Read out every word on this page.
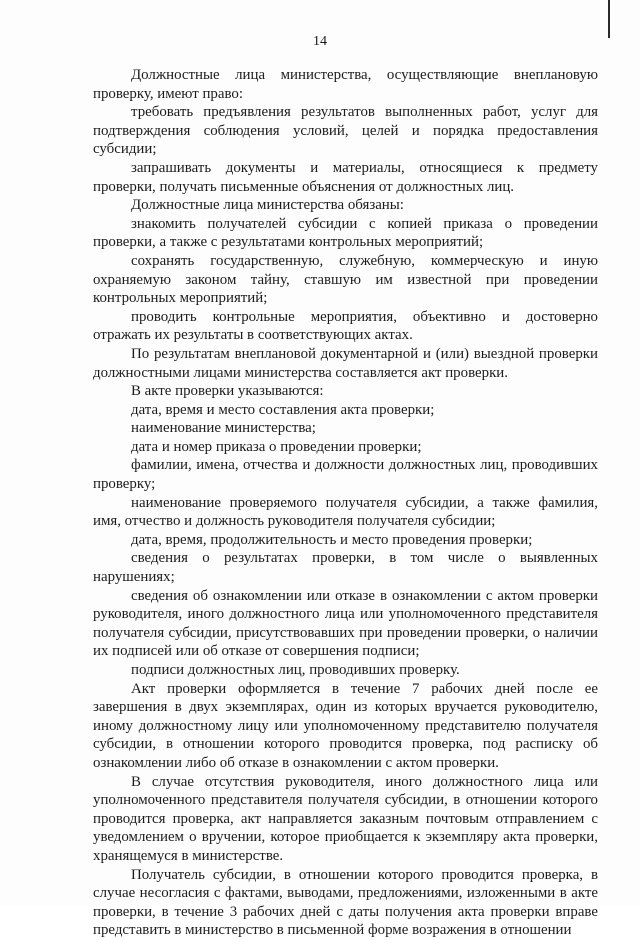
14

Должностные лица министерства, осуществляющие внеплановую проверку, имеют право:

требовать предъявления результатов выполненных работ, услуг для подтверждения соблюдения условий, целей и порядка предоставления субсидии;

запрашивать документы и материалы, относящиеся к предмету проверки, получать письменные объяснения от должностных лиц.

Должностные лица министерства обязаны:

знакомить получателей субсидии с копией приказа о проведении проверки, а также с результатами контрольных мероприятий;

сохранять государственную, служебную, коммерческую и иную охраняемую законом тайну, ставшую им известной при проведении контрольных мероприятий;

проводить контрольные мероприятия, объективно и достоверно отражать их результаты в соответствующих актах.

По результатам внеплановой документарной и (или) выездной проверки должностными лицами министерства составляется акт проверки.

В акте проверки указываются:

дата, время и место составления акта проверки;

наименование министерства;

дата и номер приказа о проведении проверки;

фамилии, имена, отчества и должности должностных лиц, проводивших проверку;

наименование проверяемого получателя субсидии, а также фамилия, имя, отчество и должность руководителя получателя субсидии;

дата, время, продолжительность и место проведения проверки;

сведения о результатах проверки, в том числе о выявленных нарушениях;

сведения об ознакомлении или отказе в ознакомлении с актом проверки руководителя, иного должностного лица или уполномоченного представителя получателя субсидии, присутствовавших при проведении проверки, о наличии их подписей или об отказе от совершения подписи;

подписи должностных лиц, проводивших проверку.

Акт проверки оформляется в течение 7 рабочих дней после ее завершения в двух экземплярах, один из которых вручается руководителю, иному должностному лицу или уполномоченному представителю получателя субсидии, в отношении которого проводится проверка, под расписку об ознакомлении либо об отказе в ознакомлении с актом проверки.

В случае отсутствия руководителя, иного должностного лица или уполномоченного представителя получателя субсидии, в отношении которого проводится проверка, акт направляется заказным почтовым отправлением с уведомлением о вручении, которое приобщается к экземпляру акта проверки, хранящемуся в министерстве.

Получатель субсидии, в отношении которого проводится проверка, в случае несогласия с фактами, выводами, предложениями, изложенными в акте проверки, в течение 3 рабочих дней с даты получения акта проверки вправе представить в министерство в письменной форме возражения в отношении
